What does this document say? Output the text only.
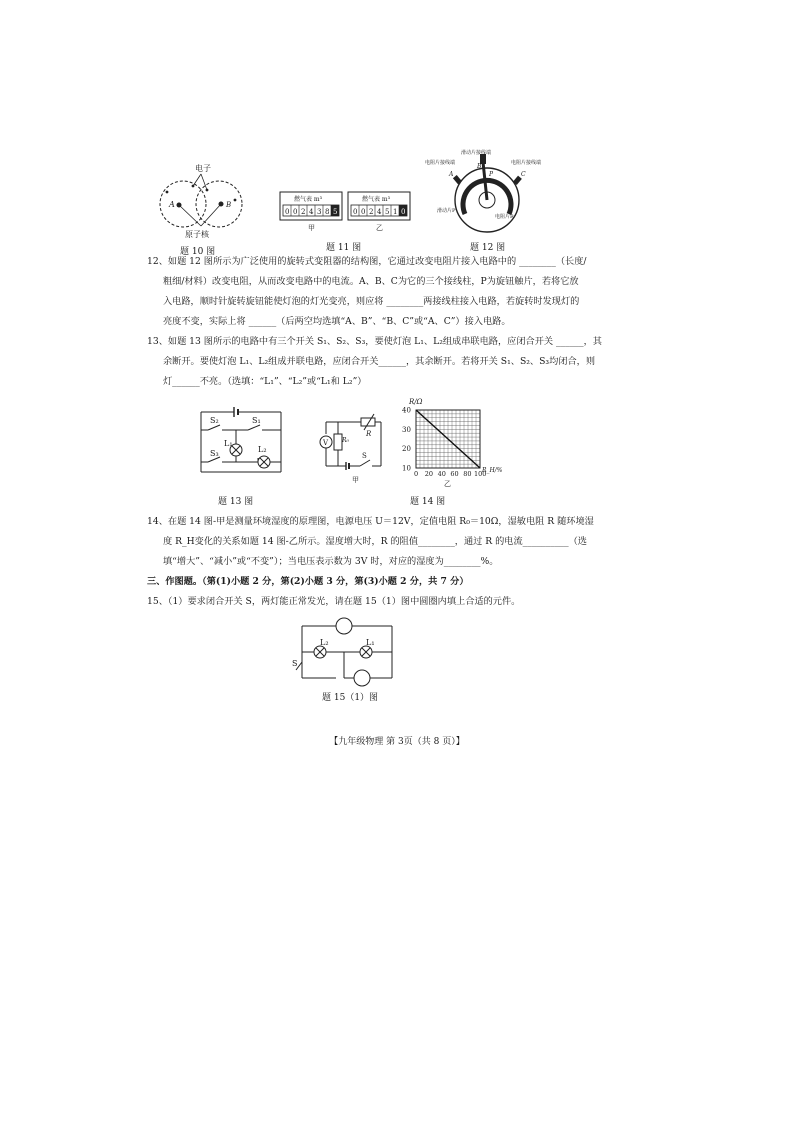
电子
A	B
原子核
题 10 图
燃气表 m³
0 0 2 4 3 8 5
燃气表 m³
0 0 2 4 5 1 0
甲	乙
题 11 图
滑动片接线端
电阻片接线端	电阻片接线端
A
B
C
P
滑动片P
电阻片R
题 12 图
12、如题 12 图所示为广泛使用的旋转式变阻器的结构图，它通过改变电阻片接入电路中的 ________（长度/
粗细/材料）改变电阻，从而改变电路中的电流。A、B、C为它的三个接线柱，P为旋钮触片，若将它放
入电路，顺时针旋转旋钮能使灯泡的灯光变亮，则应将 ________两接线柱接入电路，若旋转时发现灯的
亮度不变，实际上将 ______（后两空均选填“A、B”、“B、C”或“A、C”）接入电路。
13、如题 13 图所示的电路中有三个开关 S₁、S₂、S₃，要使灯泡 L₁、L₂组成串联电路，应闭合开关 ______，其
余断开。要使灯泡 L₁、L₂组成并联电路，应闭合开关______，其余断开。若将开关 S₁、S₂、S₃均闭合，则
灯______不亮。（选填：“L₁”、“L₂”或“L₁和 L₂”）
S₂	S₁
L₁
S₃	L₂
题 13 图
V R₀
R
S
甲
40
30
20
10
0 20 40 60 80 100
R/Ω
R_H/%
乙
题 14 图
14、在题 14 图-甲是测量环境湿度的原理图，电源电压 U＝12V，定值电阻 R₀＝10Ω，湿敏电阻 R 随环境湿
度 R_H变化的关系如题 14 图-乙所示。湿度增大时，R 的阻值________，通过 R 的电流__________（选
填“增大”、“减小”或“不变”）；当电压表示数为 3V 时，对应的湿度为________%。
三、作图题。（第(1)小题 2 分，第(2)小题 3 分，第(3)小题 2 分，共 7 分）
15、（1）要求闭合开关 S，两灯能正常发光，请在题 15（1）图中圆圈内填上合适的元件。
L₂	L₁
S
题 15（1）图
【九年级物理 第 3页（共 8 页）】
